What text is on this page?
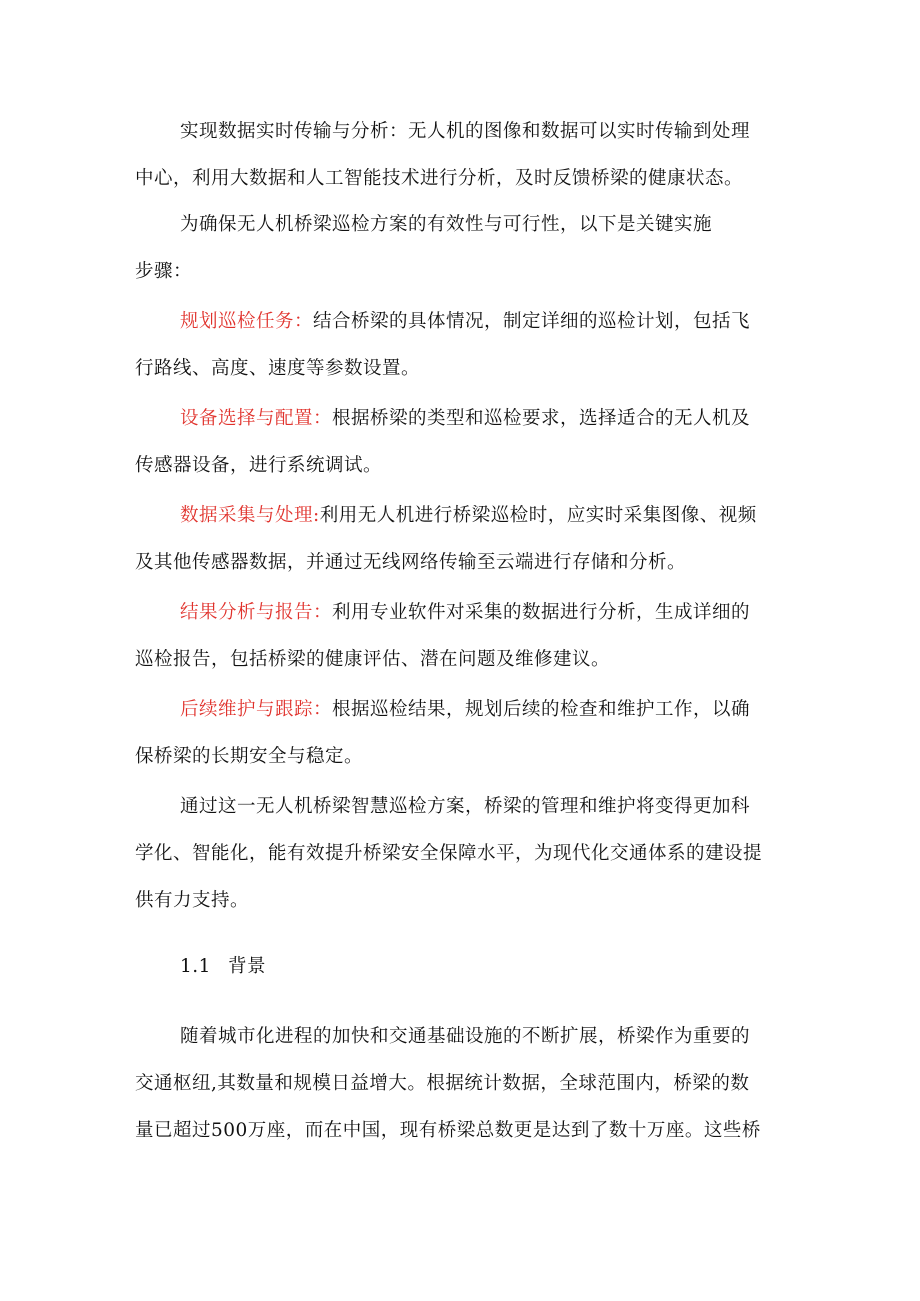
实现数据实时传输与分析：无人机的图像和数据可以实时传输到处理
中心，利用大数据和人工智能技术进行分析，及时反馈桥梁的健康状态。
为确保无人机桥梁巡检方案的有效性与可行性，以下是关键实施
步骤：
规划巡检任务：结合桥梁的具体情况，制定详细的巡检计划，包括飞
行路线、高度、速度等参数设置。
设备选择与配置：根据桥梁的类型和巡检要求，选择适合的无人机及
传感器设备，进行系统调试。
数据采集与处理:利用无人机进行桥梁巡检时，应实时采集图像、视频
及其他传感器数据，并通过无线网络传输至云端进行存储和分析。
结果分析与报告：利用专业软件对采集的数据进行分析，生成详细的
巡检报告，包括桥梁的健康评估、潜在问题及维修建议。
后续维护与跟踪：根据巡检结果，规划后续的检查和维护工作，以确
保桥梁的长期安全与稳定。
通过这一无人机桥梁智慧巡检方案，桥梁的管理和维护将变得更加科
学化、智能化，能有效提升桥梁安全保障水平，为现代化交通体系的建设提
供有力支持。
1.1 背景
随着城市化进程的加快和交通基础设施的不断扩展，桥梁作为重要的
交通枢纽,其数量和规模日益增大。根据统计数据，全球范围内，桥梁的数
量已超过500万座，而在中国，现有桥梁总数更是达到了数十万座。这些桥
